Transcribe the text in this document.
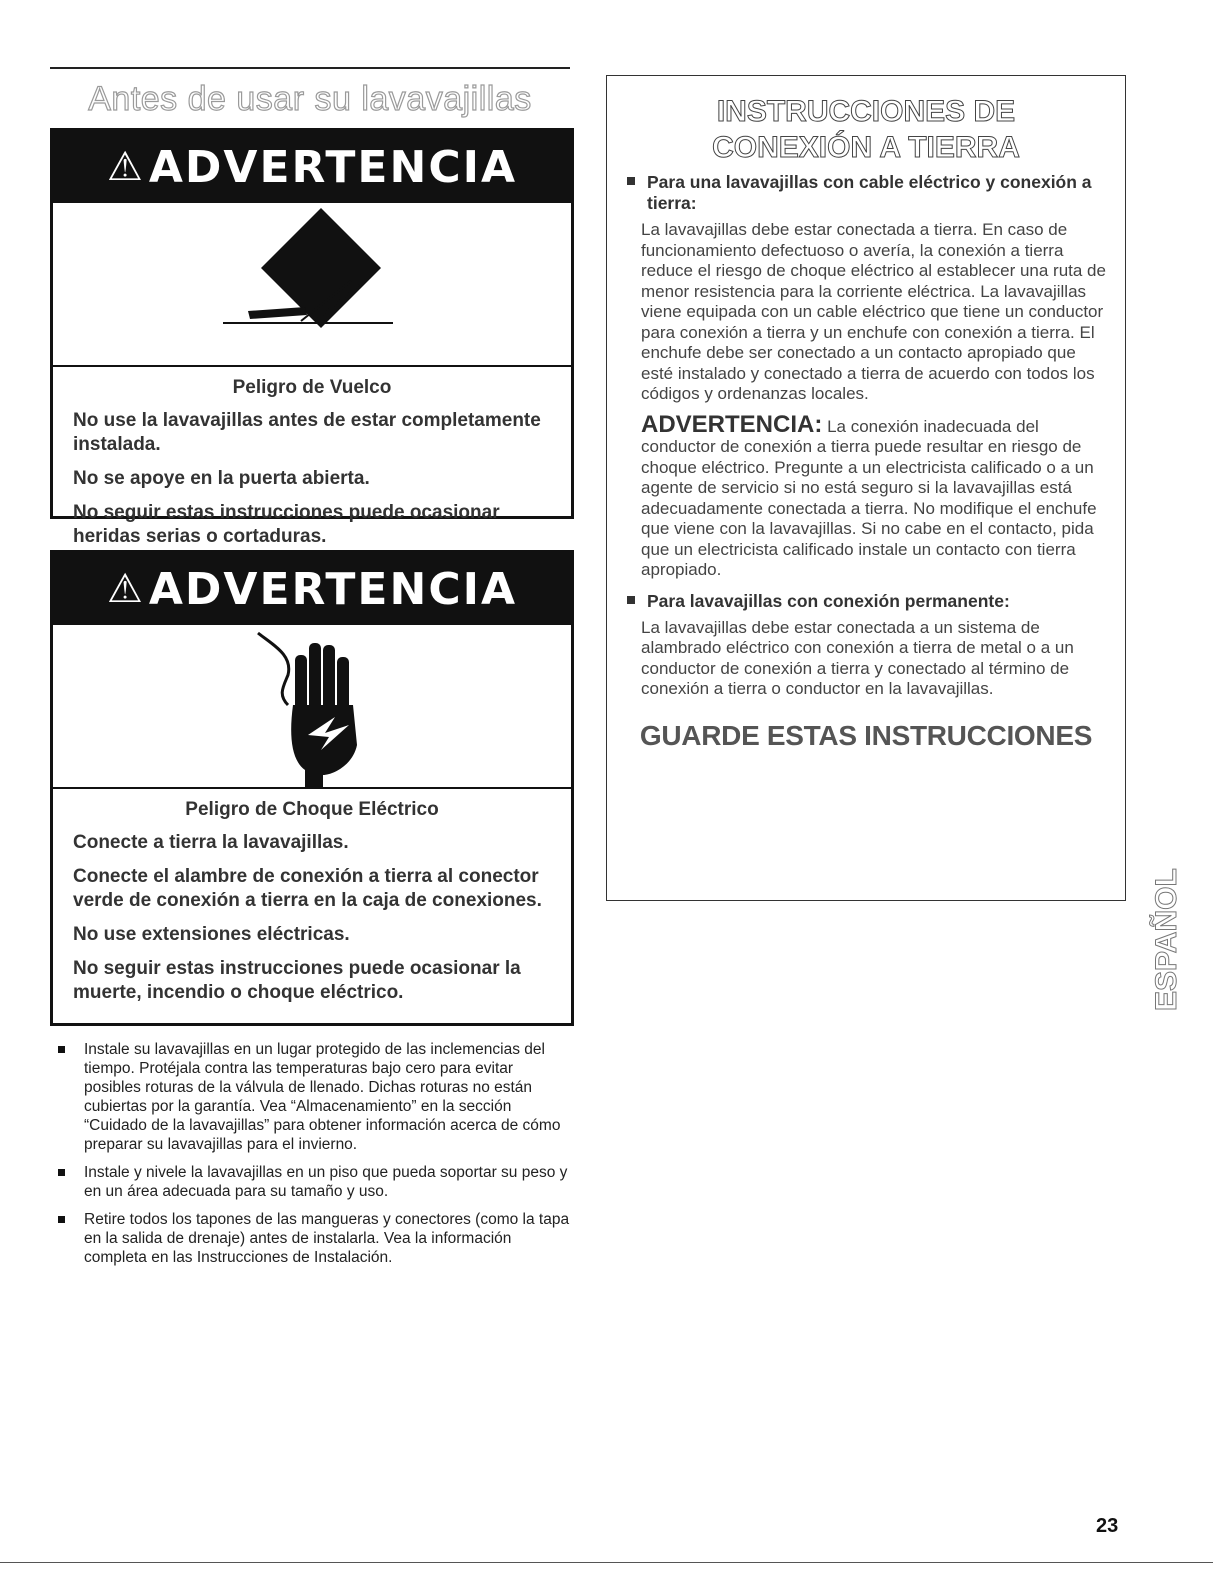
Antes de usar su lavavajillas
⚠ ADVERTENCIA
Peligro de Vuelco

No use la lavavajillas antes de estar completamente instalada.

No se apoye en la puerta abierta.

No seguir estas instrucciones puede ocasionar heridas serias o cortaduras.

⚠ ADVERTENCIA
Peligro de Choque Eléctrico

Conecte a tierra la lavavajillas.

Conecte el alambre de conexión a tierra al conector verde de conexión a tierra en la caja de conexiones.

No use extensiones eléctricas.

No seguir estas instrucciones puede ocasionar la muerte, incendio o choque eléctrico.

Instale su lavavajillas en un lugar protegido de las inclemencias del tiempo. Protéjala contra las temperaturas bajo cero para evitar posibles roturas de la válvula de llenado. Dichas roturas no están cubiertas por la garantía. Vea “Almacenamiento” en la sección “Cuidado de la lavavajillas” para obtener información acerca de cómo preparar su lavavajillas para el invierno.
Instale y nivele la lavavajillas en un piso que pueda soportar su peso y en un área adecuada para su tamaño y uso.
Retire todos los tapones de las mangueras y conectores (como la tapa en la salida de drenaje) antes de instalarla. Vea la información completa en las Instrucciones de Instalación.
INSTRUCCIONES DE
CONEXIÓN A TIERRA
Para una lavavajillas con cable eléctrico y conexión a tierra:

La lavavajillas debe estar conectada a tierra. En caso de funcionamiento defectuoso o avería, la conexión a tierra reduce el riesgo de choque eléctrico al establecer una ruta de menor resistencia para la corriente eléctrica. La lavavajillas viene equipada con un cable eléctrico que tiene un conductor para conexión a tierra y un enchufe con conexión a tierra. El enchufe debe ser conectado a un contacto apropiado que esté instalado y conectado a tierra de acuerdo con todos los códigos y ordenanzas locales.

ADVERTENCIA: La conexión inadecuada del conductor de conexión a tierra puede resultar en riesgo de choque eléctrico. Pregunte a un electricista calificado o a un agente de servicio si no está seguro si la lavavajillas está adecuadamente conectada a tierra. No modifique el enchufe que viene con la lavavajillas. Si no cabe en el contacto, pida que un electricista calificado instale un contacto con tierra apropiado.

Para lavavajillas con conexión permanente:

La lavavajillas debe estar conectada a un sistema de alambrado eléctrico con conexión a tierra de metal o a un conductor de conexión a tierra y conectado al término de conexión a tierra o conductor en la lavavajillas.

GUARDE ESTAS INSTRUCCIONES
ESPAÑOL
23
